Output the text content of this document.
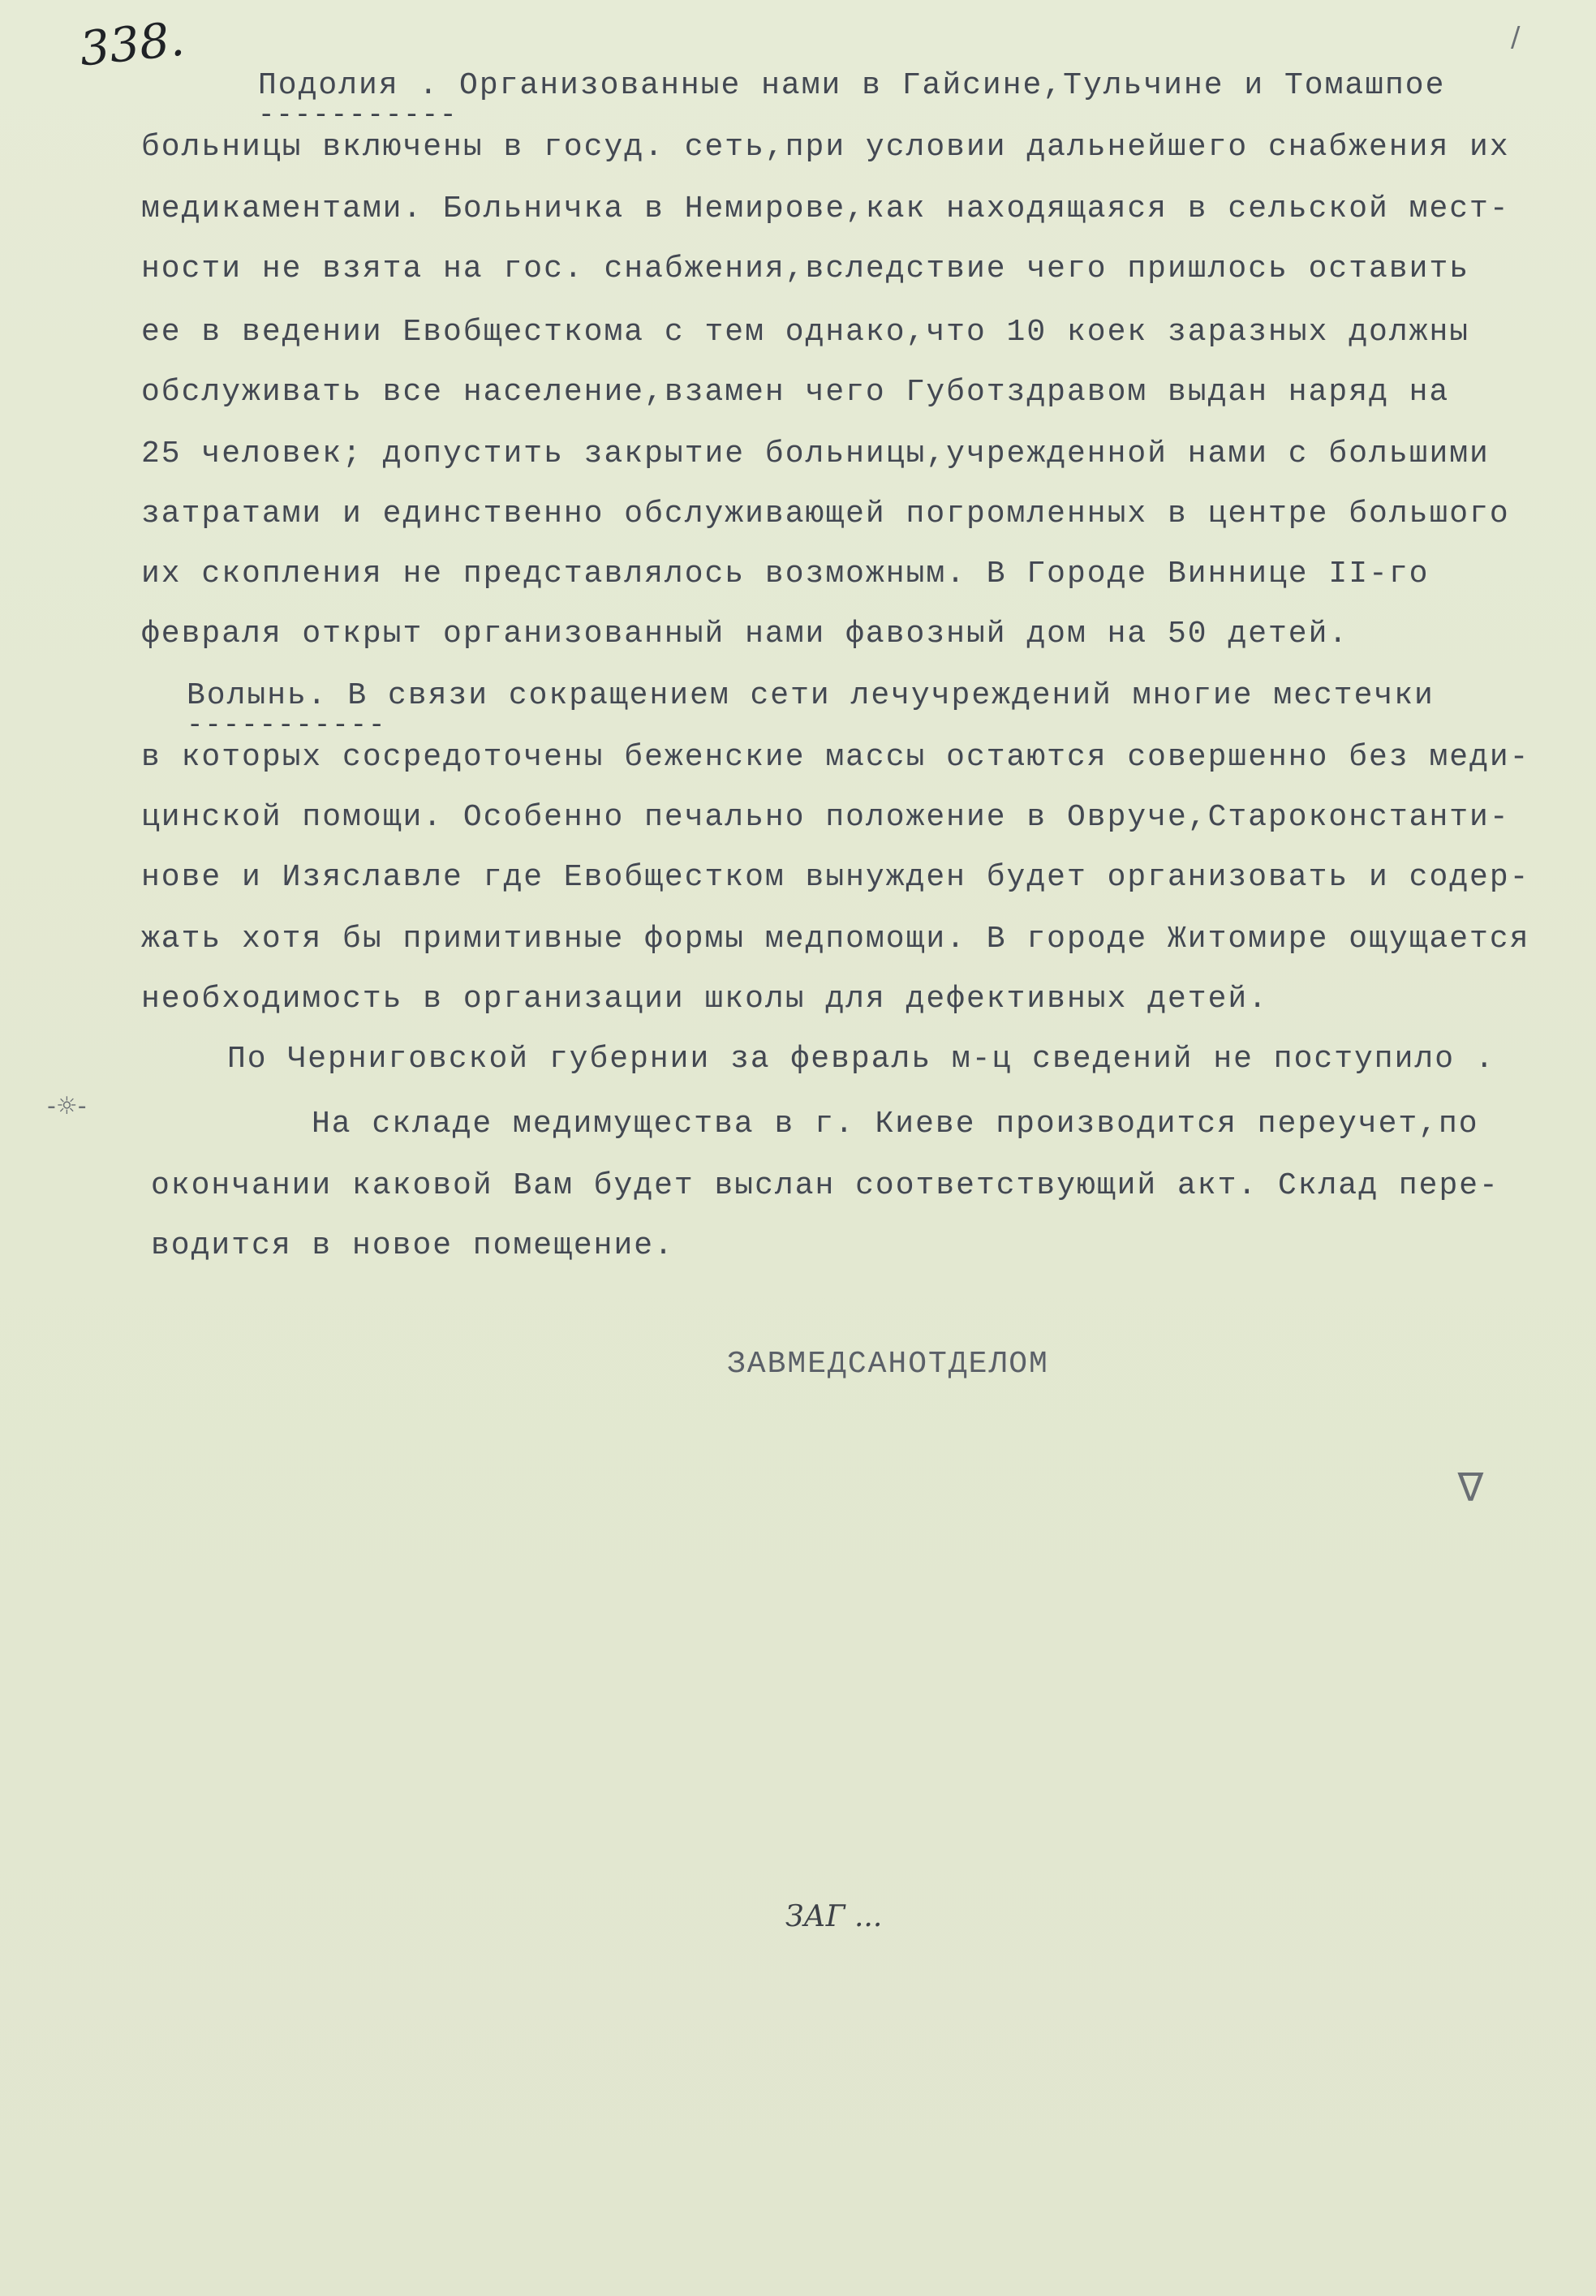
338.	/
Подолия . Организованные нами в Гайсине,Тульчине и Томашпое
-----------
больницы включены в госуд. сеть,при условии дальнейшего снабжения их
медикаментами. Больничка в Немирове,как находящаяся в сельской мест-
ности не взята на гос. снабжения,вследствие чего пришлось оставить
ее в ведении Евобщесткома с тем однако,что 10 коек заразных должны
обслуживать все население,взамен чего Губотздравом выдан наряд на
25 человек; допустить закрытие больницы,учрежденной нами с большими
затратами и единственно обслуживающей погромленных в центре большого
их скопления не представлялось возможным. В Городе Виннице II-го
февраля открыт организованный нами фавозный дом на 50 детей.
Волынь. В связи сокращением сети лечучреждений многие местечки
-----------
в которых сосредоточены беженские массы остаются совершенно без меди-
цинской помощи. Особенно печально положение в Овруче,Староконстанти-
нове и Изяславле где Евобщестком вынужден будет организовать и содер-
жать хотя бы примитивные формы медпомощи. В городе Житомире ощущается
необходимость в организации школы для дефективных детей.
По Черниговской губернии за февраль м-ц сведений не поступило .
-☼-
На складе медимущества в г. Киеве производится переучет,по
окончании каковой Вам будет выслан соответствующий акт. Склад пере-
водится в новое помещение.
ЗАВМЕДСАНОТДЕЛОМ
ᐁ
ЗАГ ...
